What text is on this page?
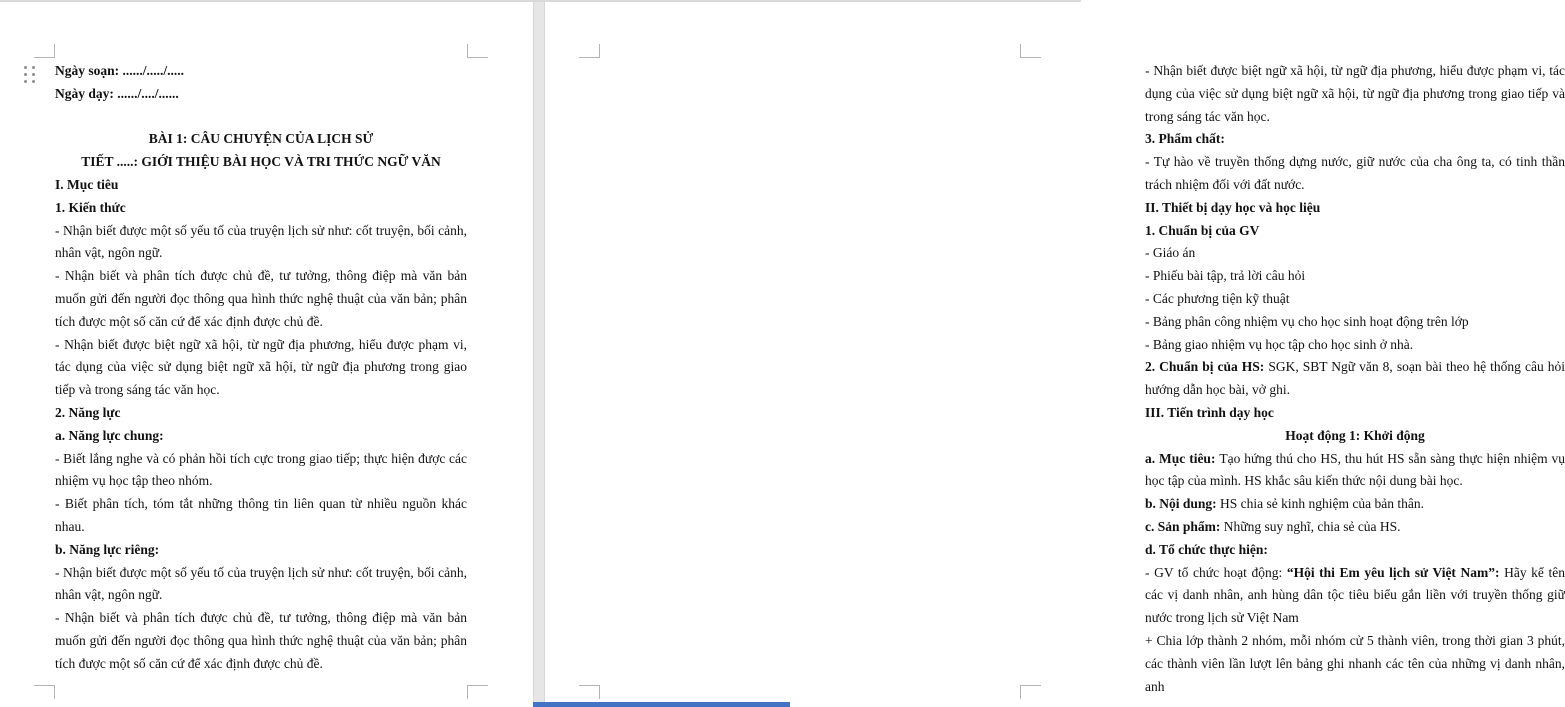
Ngày soạn: ....../...../.....

Ngày dạy: ....../..../......

BÀI 1: CÂU CHUYỆN CỦA LỊCH SỬ

TIẾT .....: GIỚI THIỆU BÀI HỌC VÀ TRI THỨC NGỮ VĂN

I. Mục tiêu

1. Kiến thức

- Nhận biết được một số yếu tố của truyện lịch sử như: cốt truyện, bối cảnh, nhân vật, ngôn ngữ.

- Nhận biết và phân tích được chủ đề, tư tưởng, thông điệp mà văn bản muốn gửi đến người đọc thông qua hình thức nghệ thuật của văn bản; phân tích được một số căn cứ để xác định được chủ đề.

- Nhận biết được biệt ngữ xã hội, từ ngữ địa phương, hiểu được phạm vi, tác dụng của việc sử dụng biệt ngữ xã hội, từ ngữ địa phương trong giao tiếp và trong sáng tác văn học.

2. Năng lực

a. Năng lực chung:

- Biết lắng nghe và có phản hồi tích cực trong giao tiếp; thực hiện được các nhiệm vụ học tập theo nhóm.

- Biết phân tích, tóm tắt những thông tin liên quan từ nhiều nguồn khác nhau.

b. Năng lực riêng:

- Nhận biết được một số yếu tố của truyện lịch sử như: cốt truyện, bối cảnh, nhân vật, ngôn ngữ.

- Nhận biết và phân tích được chủ đề, tư tưởng, thông điệp mà văn bản muốn gửi đến người đọc thông qua hình thức nghệ thuật của văn bản; phân tích được một số căn cứ để xác định được chủ đề.

- Nhận biết được biệt ngữ xã hội, từ ngữ địa phương, hiểu được phạm vi, tác dụng của việc sử dụng biệt ngữ xã hội, từ ngữ địa phương trong giao tiếp và trong sáng tác văn học.

3. Phẩm chất:

- Tự hào về truyền thống dựng nước, giữ nước của cha ông ta, có tinh thần trách nhiệm đối với đất nước.

II. Thiết bị dạy học và học liệu

1. Chuẩn bị của GV

- Giáo án

- Phiếu bài tập, trả lời câu hỏi

- Các phương tiện kỹ thuật

- Bảng phân công nhiệm vụ cho học sinh hoạt động trên lớp

- Bảng giao nhiệm vụ học tập cho học sinh ở nhà.

2. Chuẩn bị của HS: SGK, SBT Ngữ văn 8, soạn bài theo hệ thống câu hỏi hướng dẫn học bài, vở ghi.

III. Tiến trình dạy học

Hoạt động 1: Khởi động

a. Mục tiêu: Tạo hứng thú cho HS, thu hút HS sẵn sàng thực hiện nhiệm vụ học tập của mình. HS khắc sâu kiến thức nội dung bài học.

b. Nội dung: HS chia sẻ kinh nghiệm của bản thân.

c. Sản phẩm: Những suy nghĩ, chia sẻ của HS.

d. Tổ chức thực hiện:

- GV tổ chức hoạt động: “Hội thi Em yêu lịch sử Việt Nam”: Hãy kể tên các vị danh nhân, anh hùng dân tộc tiêu biểu gắn liền với truyền thống giữ nước trong lịch sử Việt Nam

+ Chia lớp thành 2 nhóm, mỗi nhóm cử 5 thành viên, trong thời gian 3 phút, các thành viên lần lượt lên bảng ghi nhanh các tên của những vị danh nhân, anh
